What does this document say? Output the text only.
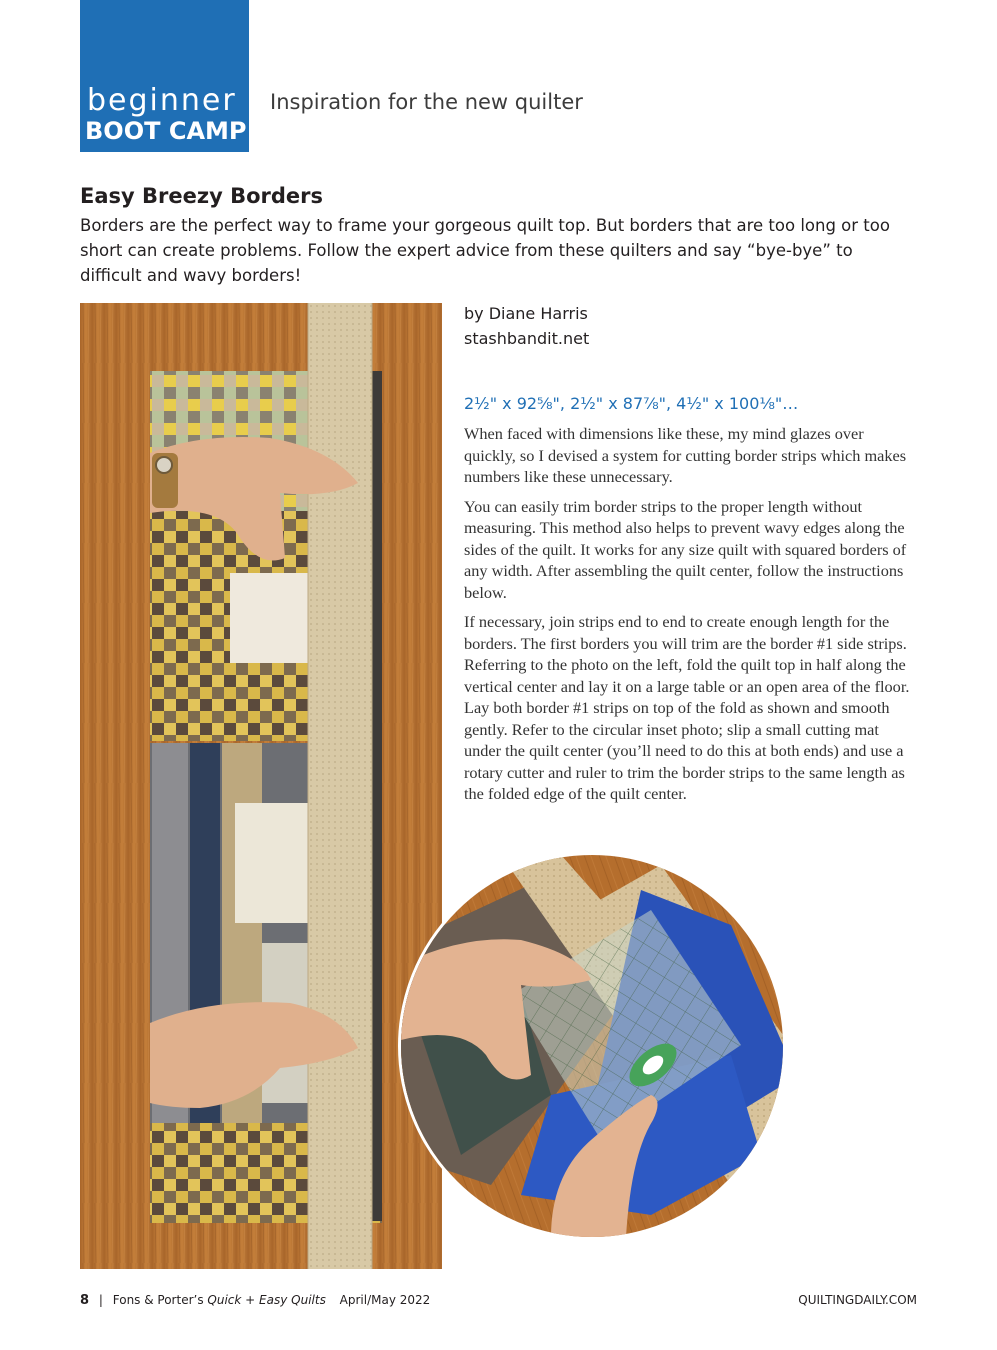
beginner
BOOT CAMP
Inspiration for the new quilter
Easy Breezy Borders
Borders are the perfect way to frame your gorgeous quilt top. But borders that are too long or too short can create problems. Follow the expert advice from these quilters and say “bye-bye” to difficult and wavy borders!
by Diane Harris
stashbandit.net
2½" x 92⅝", 2½" x 87⅞", 4½" x 100⅛"…

When faced with dimensions like these, my mind glazes over quickly, so I devised a system for cutting border strips which makes numbers like these unnecessary.

You can easily trim border strips to the proper length without measuring. This method also helps to prevent wavy edges along the sides of the quilt. It works for any size quilt with squared borders of any width. After assembling the quilt center, follow the instructions below.

If necessary, join strips end to end to create enough length for the borders. The first borders you will trim are the border #1 side strips. Referring to the photo on the left, fold the quilt top in half along the vertical center and lay it on a large table or an open area of the floor. Lay both border #1 strips on top of the fold as shown and smooth gently. Refer to the circular inset photo; slip a small cutting mat under the quilt center (you’ll need to do this at both ends) and use a rotary cutter and ruler to trim the border strips to the same length as the folded edge of the quilt center.

8 | Fons & Porter’s Quick + Easy Quilts April/May 2022	QUILTINGDAILY.COM
